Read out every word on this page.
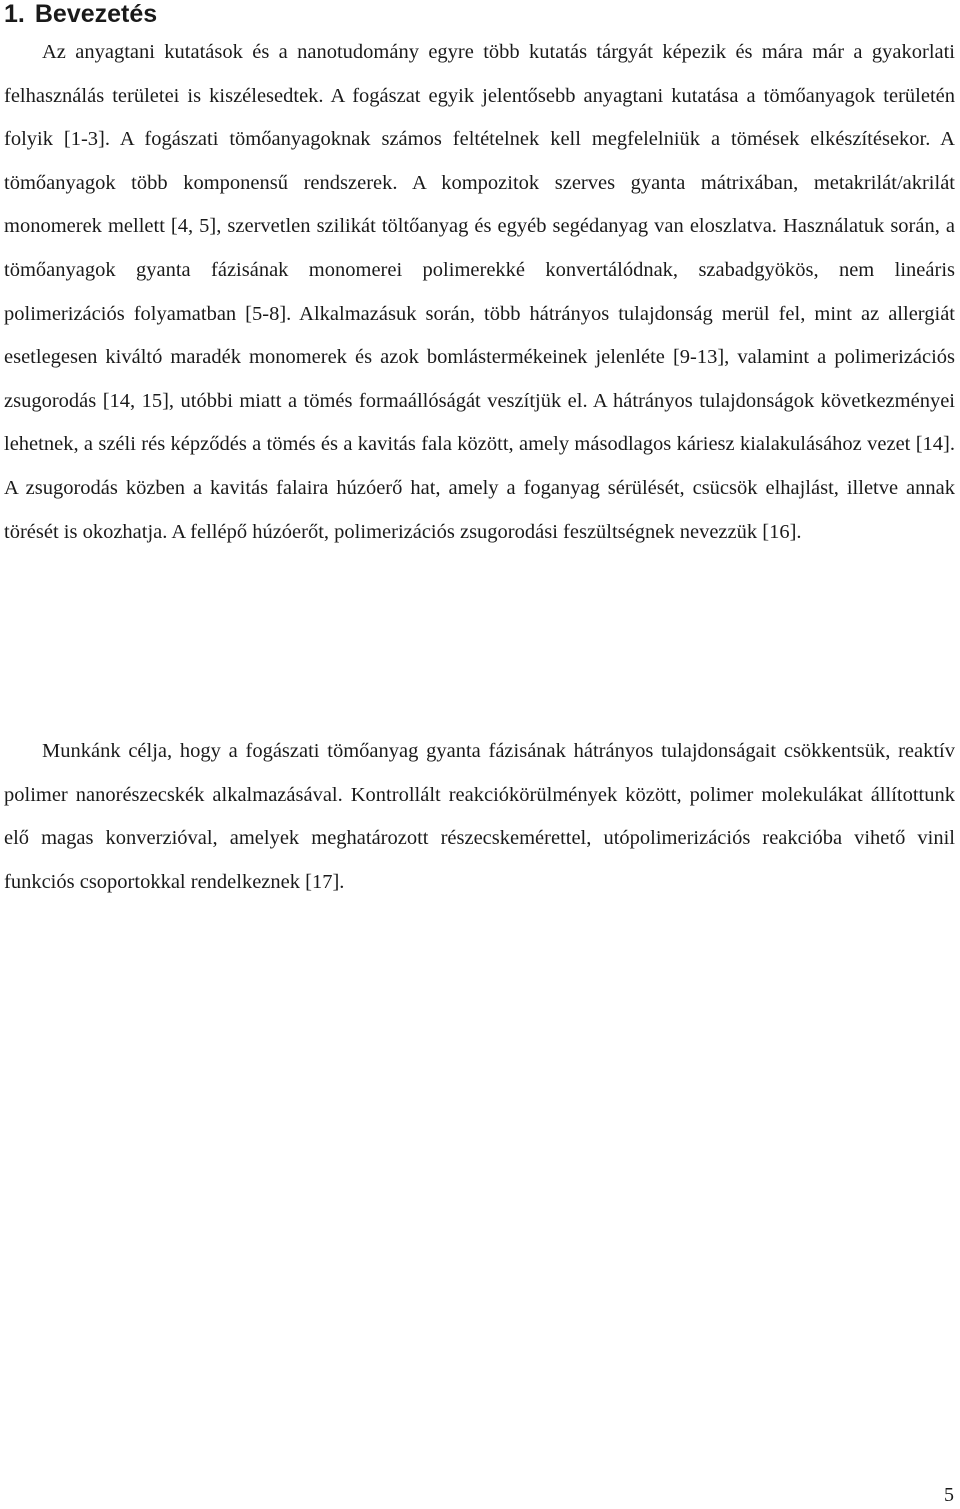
1. Bevezetés

Az anyagtani kutatások és a nanotudomány egyre több kutatás tárgyát képezik és mára már a gyakorlati felhasználás területei is kiszélesedtek. A fogászat egyik jelentősebb anyagtani kutatása a tömőanyagok területén folyik [1-3]. A fogászati tömőanyagoknak számos feltételnek kell megfelelniük a tömések elkészítésekor. A tömőanyagok több komponensű rendszerek. A kompozitok szerves gyanta mátrixában, metakrilát/akrilát monomerek mellett [4, 5], szervetlen szilikát töltőanyag és egyéb segédanyag van eloszlatva. Használatuk során, a tömőanyagok gyanta fázisának monomerei polimerekké konvertálódnak, szabadgyökös, nem lineáris polimerizációs folyamatban [5-8]. Alkalmazásuk során, több hátrányos tulajdonság merül fel, mint az allergiát esetlegesen kiváltó maradék monomerek és azok bomlástermékeinek jelenléte [9-13], valamint a polimerizációs zsugorodás [14, 15], utóbbi miatt a tömés formaállóságát veszítjük el. A hátrányos tulajdonságok következményei lehetnek, a széli rés képződés a tömés és a kavitás fala között, amely másodlagos káriesz kialakulásához vezet [14]. A zsugorodás közben a kavitás falaira húzóerő hat, amely a foganyag sérülését, csücsök elhajlást, illetve annak törését is okozhatja. A fellépő húzóerőt, polimerizációs zsugorodási feszültségnek nevezzük [16].

Munkánk célja, hogy a fogászati tömőanyag gyanta fázisának hátrányos tulajdonságait csökkentsük, reaktív polimer nanorészecskék alkalmazásával. Kontrollált reakciókörülmények között, polimer molekulákat állítottunk elő magas konverzióval, amelyek meghatározott részecskemérettel, utópolimerizációs reakcióba vihető vinil funkciós csoportokkal rendelkeznek [17].

5
